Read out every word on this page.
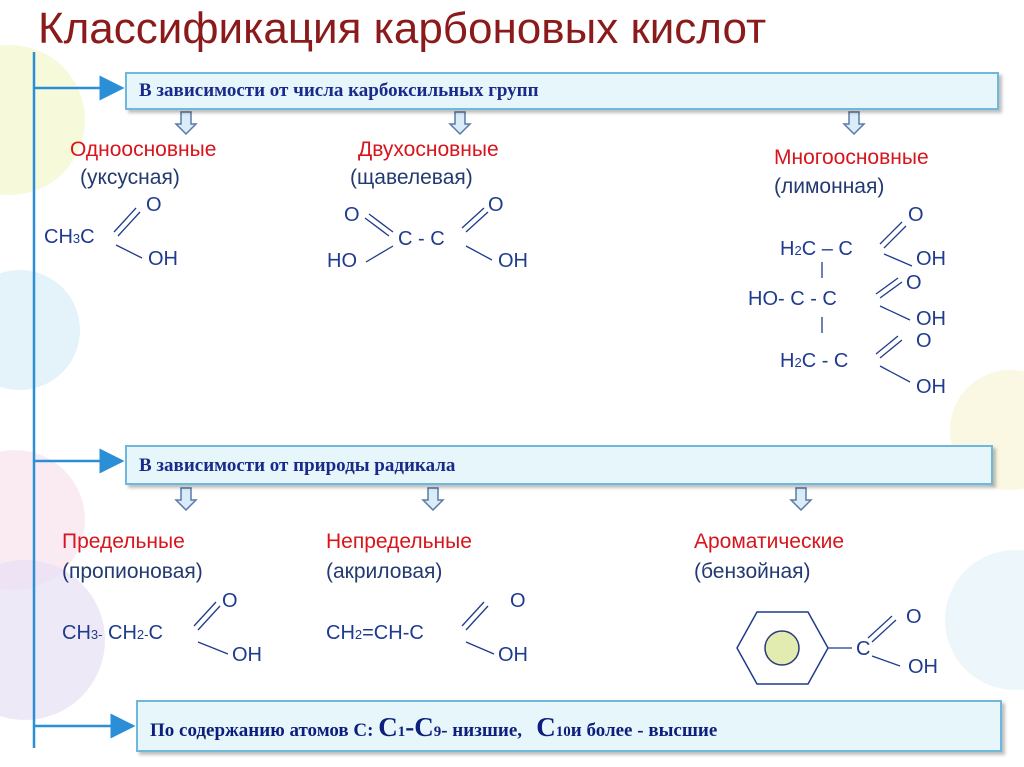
Классификация карбоновых кислот
В зависимости от числа карбоксильных групп
В зависимости от природы радикала
По содержанию атомов С: С1-С9- низшие,   С10и более - высшие
Одноосновные
(уксусная)
Двухосновные
(щавелевая)
Многоосновные
(лимонная)
CH3C
O
OH
O	O
C - C
HO	OH
H2C – C
O
OH
HO- C - C
O
OH
H2C - C
O
OH
Предельные
(пропионовая)
Непредельные
(акриловая)
Ароматические
(бензойная)
CH3- CH2-C
O
OH
CH2=CH-C
O
OH	C
O
OH
